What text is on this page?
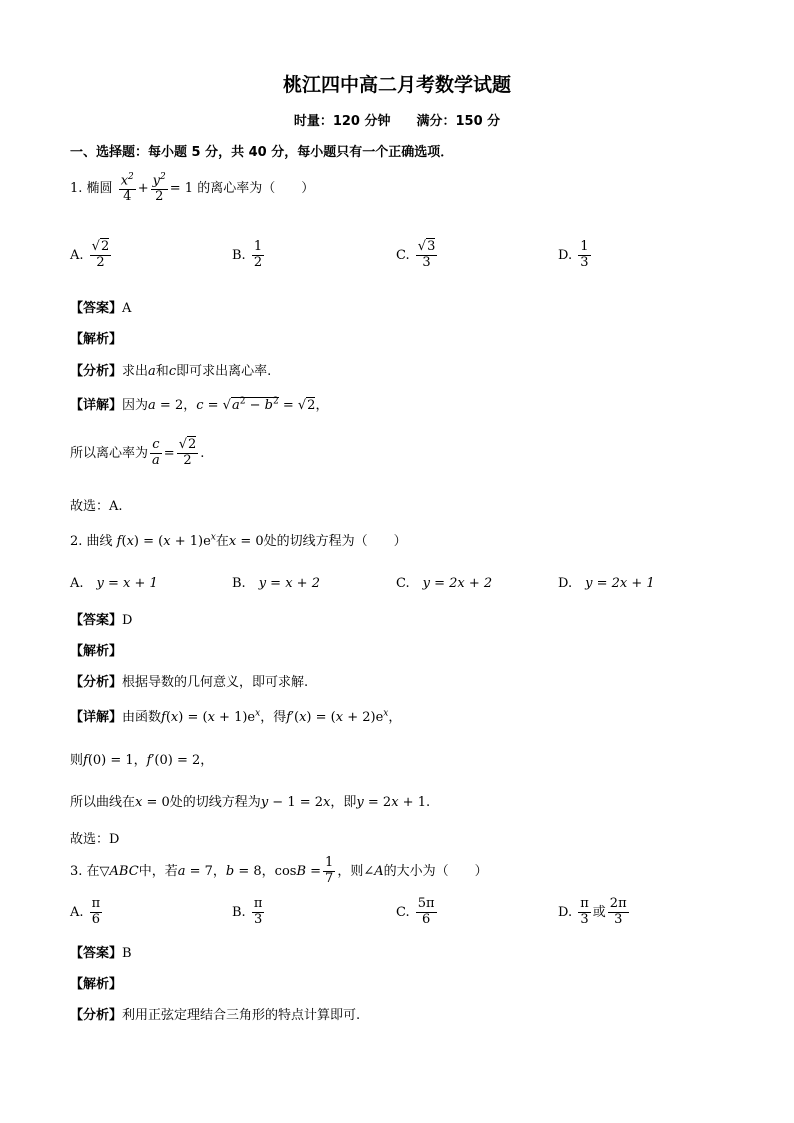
桃江四中高二月考数学试题
时量：120 分钟　　满分：150 分
一、选择题：每小题 5 分，共 40 分，每小题只有一个正确选项．
1. 椭圆 $\frac{x^2}{4} + \frac{y^2}{2} = 1$ 的离心率为（　　）
A. $\frac{√2}{2}$	B. $\frac{1}{2}$	C. $\frac{√3}{3}$	D. $\frac{1}{3}$
【答案】A
【解析】
【分析】求出a和c即可求出离心率.
【详解】因为a = 2，$c = √a^2 - b^2 = √2$，
所以离心率为 $\frac{c}{a} = \frac{√2}{2}$ .
故选：A.
2. 曲线 $f(x) = (x + 1)e^x$在x = 0处的切线方程为（　　）
A.　 y = x + 1	B.　 y = x + 2	C.　 y = 2x + 2	D.　 y = 2x + 1
【答案】D
【解析】
【分析】根据导数的几何意义，即可求解.
【详解】由函数$f(x) = (x + 1)e^x$，得$f'(x) = (x + 2)e^x$，
则f(0) = 1，f′(0) = 2，
所以曲线在x = 0处的切线方程为y − 1 = 2x，即y = 2x + 1.
故选：D
3. 在▽ABC中，若a = 7，b = 8，$\cos B = \frac{1}{7}$ ，则∠A的大小为（　　）
A. $\frac{\pi}{6}$	B. $\frac{\pi}{3}$	C. $\frac{5\pi}{6}$	D. $\frac{\pi}{3}$ 或 $\frac{2\pi}{3}$
【答案】B
【解析】
【分析】利用正弦定理结合三角形的特点计算即可.
